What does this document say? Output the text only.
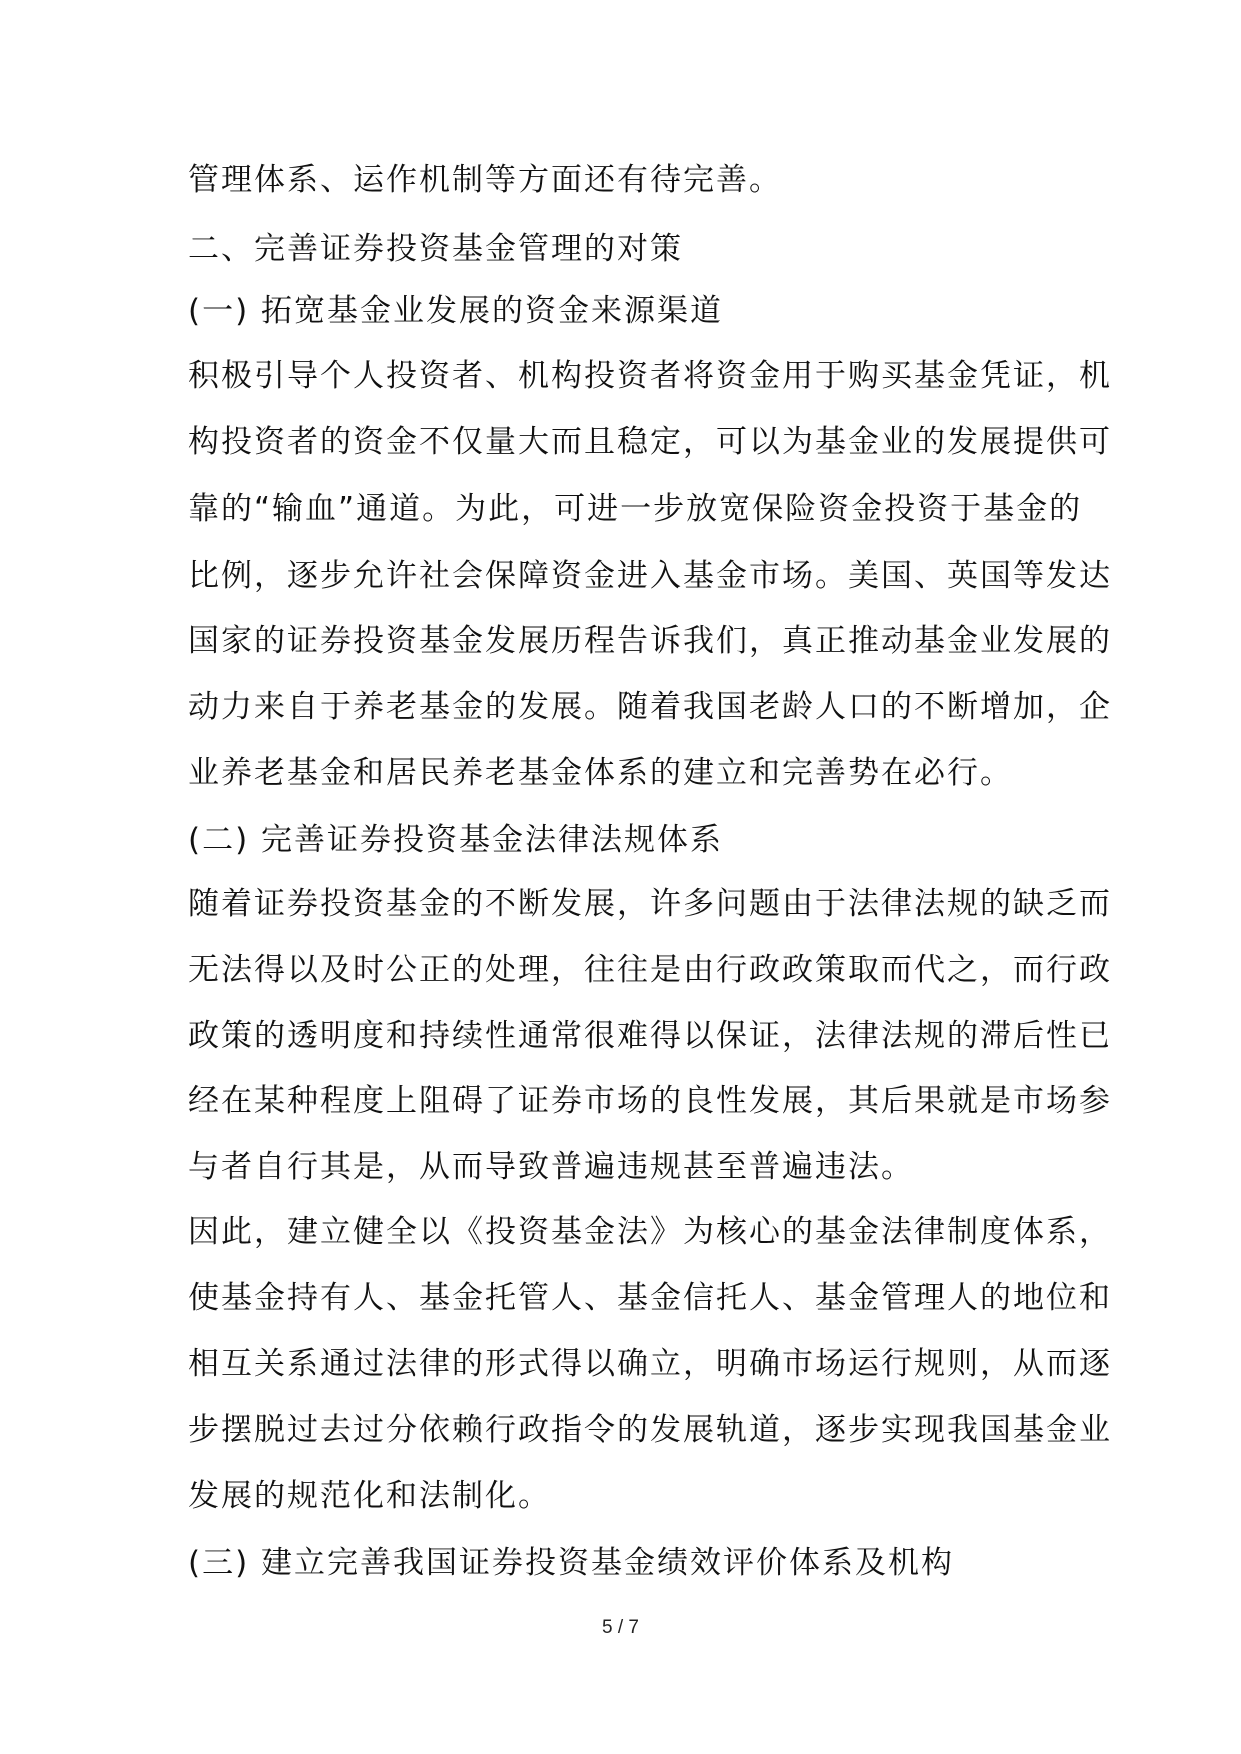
管理体系、运作机制等方面还有待完善。
二、完善证券投资基金管理的对策
(一) 拓宽基金业发展的资金来源渠道
积极引导个人投资者、机构投资者将资金用于购买基金凭证，机
构投资者的资金不仅量大而且稳定，可以为基金业的发展提供可
靠的“输血”通道。为此，可进一步放宽保险资金投资于基金的
比例，逐步允许社会保障资金进入基金市场。美国、英国等发达
国家的证券投资基金发展历程告诉我们，真正推动基金业发展的
动力来自于养老基金的发展。随着我国老龄人口的不断增加，企
业养老基金和居民养老基金体系的建立和完善势在必行。
(二) 完善证券投资基金法律法规体系
随着证券投资基金的不断发展，许多问题由于法律法规的缺乏而
无法得以及时公正的处理，往往是由行政政策取而代之，而行政
政策的透明度和持续性通常很难得以保证，法律法规的滞后性已
经在某种程度上阻碍了证券市场的良性发展，其后果就是市场参
与者自行其是，从而导致普遍违规甚至普遍违法。
因此，建立健全以《投资基金法》为核心的基金法律制度体系，
使基金持有人、基金托管人、基金信托人、基金管理人的地位和
相互关系通过法律的形式得以确立，明确市场运行规则，从而逐
步摆脱过去过分依赖行政指令的发展轨道，逐步实现我国基金业
发展的规范化和法制化。
(三) 建立完善我国证券投资基金绩效评价体系及机构
5 / 7
